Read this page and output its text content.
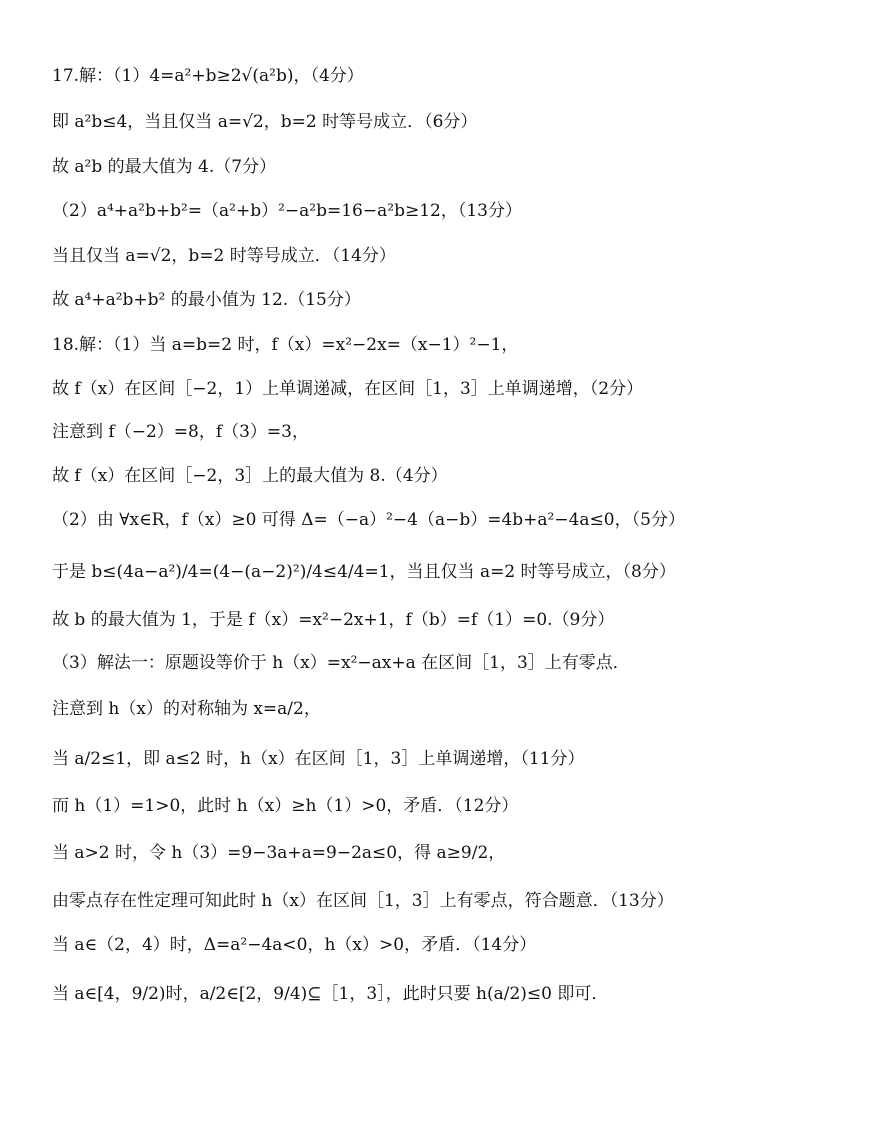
17.解：（1）4=a²+b≥2√(a²b)，（4分）
即 a²b≤4，当且仅当 a=√2，b=2 时等号成立．（6分）
故 a²b 的最大值为 4.（7分）
（2）a⁴+a²b+b²=（a²+b）²−a²b=16−a²b≥12，（13分）
当且仅当 a=√2，b=2 时等号成立．（14分）
故 a⁴+a²b+b² 的最小值为 12.（15分）
18.解：（1）当 a=b=2 时，f（x）=x²−2x=（x−1）²−1，
故 f（x）在区间［−2，1）上单调递减，在区间［1，3］上单调递增，（2分）
注意到 f（−2）=8，f（3）=3，
故 f（x）在区间［−2，3］上的最大值为 8.（4分）
（2）由 ∀x∈R，f（x）≥0 可得 Δ=（−a）²−4（a−b）=4b+a²−4a≤0，（5分）
于是 b≤(4a−a²)/4=(4−(a−2)²)/4≤4/4=1，当且仅当 a=2 时等号成立，（8分）
故 b 的最大值为 1，于是 f（x）=x²−2x+1，f（b）=f（1）=0.（9分）
（3）解法一：原题设等价于 h（x）=x²−ax+a 在区间［1，3］上有零点．
注意到 h（x）的对称轴为 x=a/2，
当 a/2≤1，即 a≤2 时，h（x）在区间［1，3］上单调递增，（11分）
而 h（1）=1>0，此时 h（x）≥h（1）>0，矛盾．（12分）
当 a>2 时，令 h（3）=9−3a+a=9−2a≤0，得 a≥9/2，
由零点存在性定理可知此时 h（x）在区间［1，3］上有零点，符合题意．（13分）
当 a∈（2，4）时，Δ=a²−4a<0，h（x）>0，矛盾．（14分）
当 a∈[4，9/2)时，a/2∈[2，9/4)⊆［1，3］，此时只要 h(a/2)≤0 即可．
